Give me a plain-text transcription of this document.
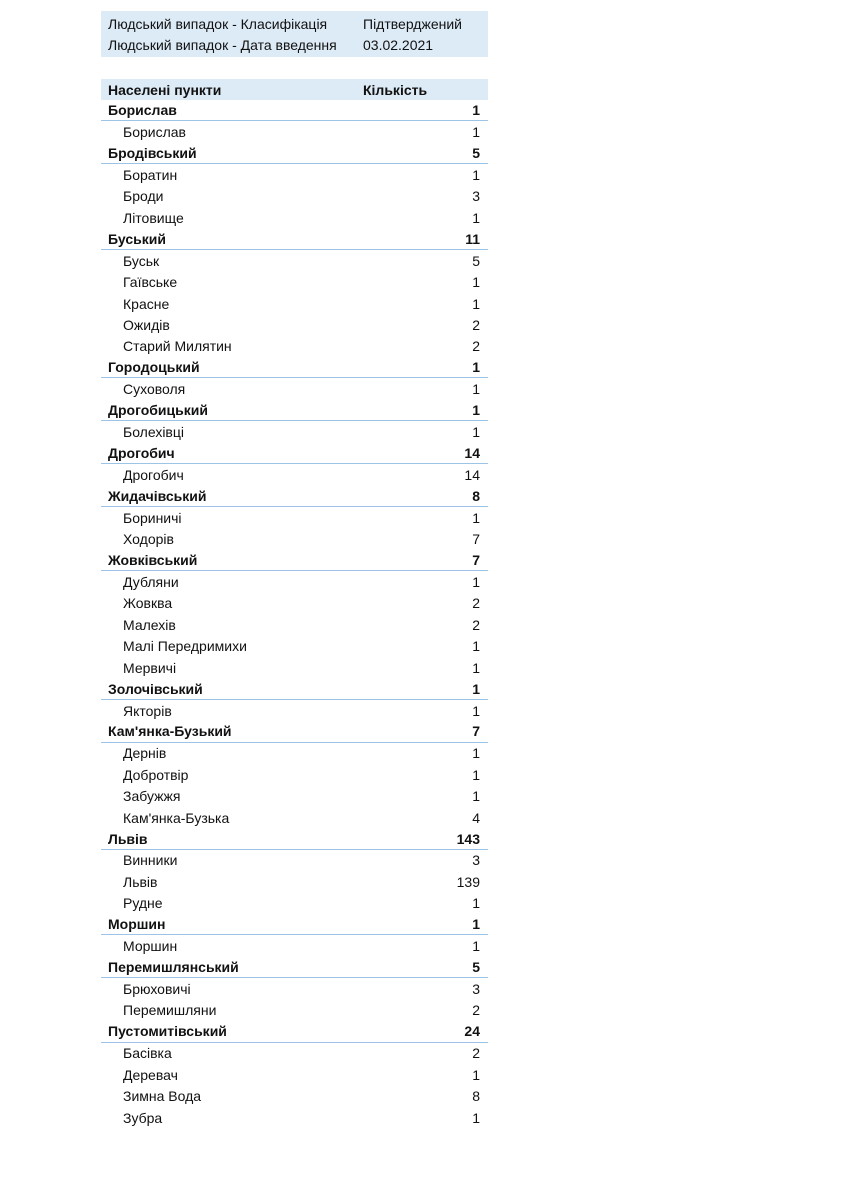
Людський випадок - Класифікація	Підтверджений
Людський випадок - Дата введення	03.02.2021
Населені пункти	Кількість
Борислав	1
Борислав	1
Бродівський	5
Боратин	1
Броди	3
Літовище	1
Буський	11
Буськ	5
Гаївське	1
Красне	1
Ожидів	2
Старий Милятин	2
Городоцький	1
Суховоля	1
Дрогобицький	1
Болехівці	1
Дрогобич	14
Дрогобич	14
Жидачівський	8
Бориничі	1
Ходорів	7
Жовківський	7
Дубляни	1
Жовква	2
Малехів	2
Малі Передримихи	1
Мервичі	1
Золочівський	1
Якторів	1
Кам'янка-Бузький	7
Дернів	1
Добротвір	1
Забужжя	1
Кам'янка-Бузька	4
Львів	143
Винники	3
Львів	139
Рудне	1
Моршин	1
Моршин	1
Перемишлянський	5
Брюховичі	3
Перемишляни	2
Пустомитівський	24
Басівка	2
Деревач	1
Зимна Вода	8
Зубра	1
